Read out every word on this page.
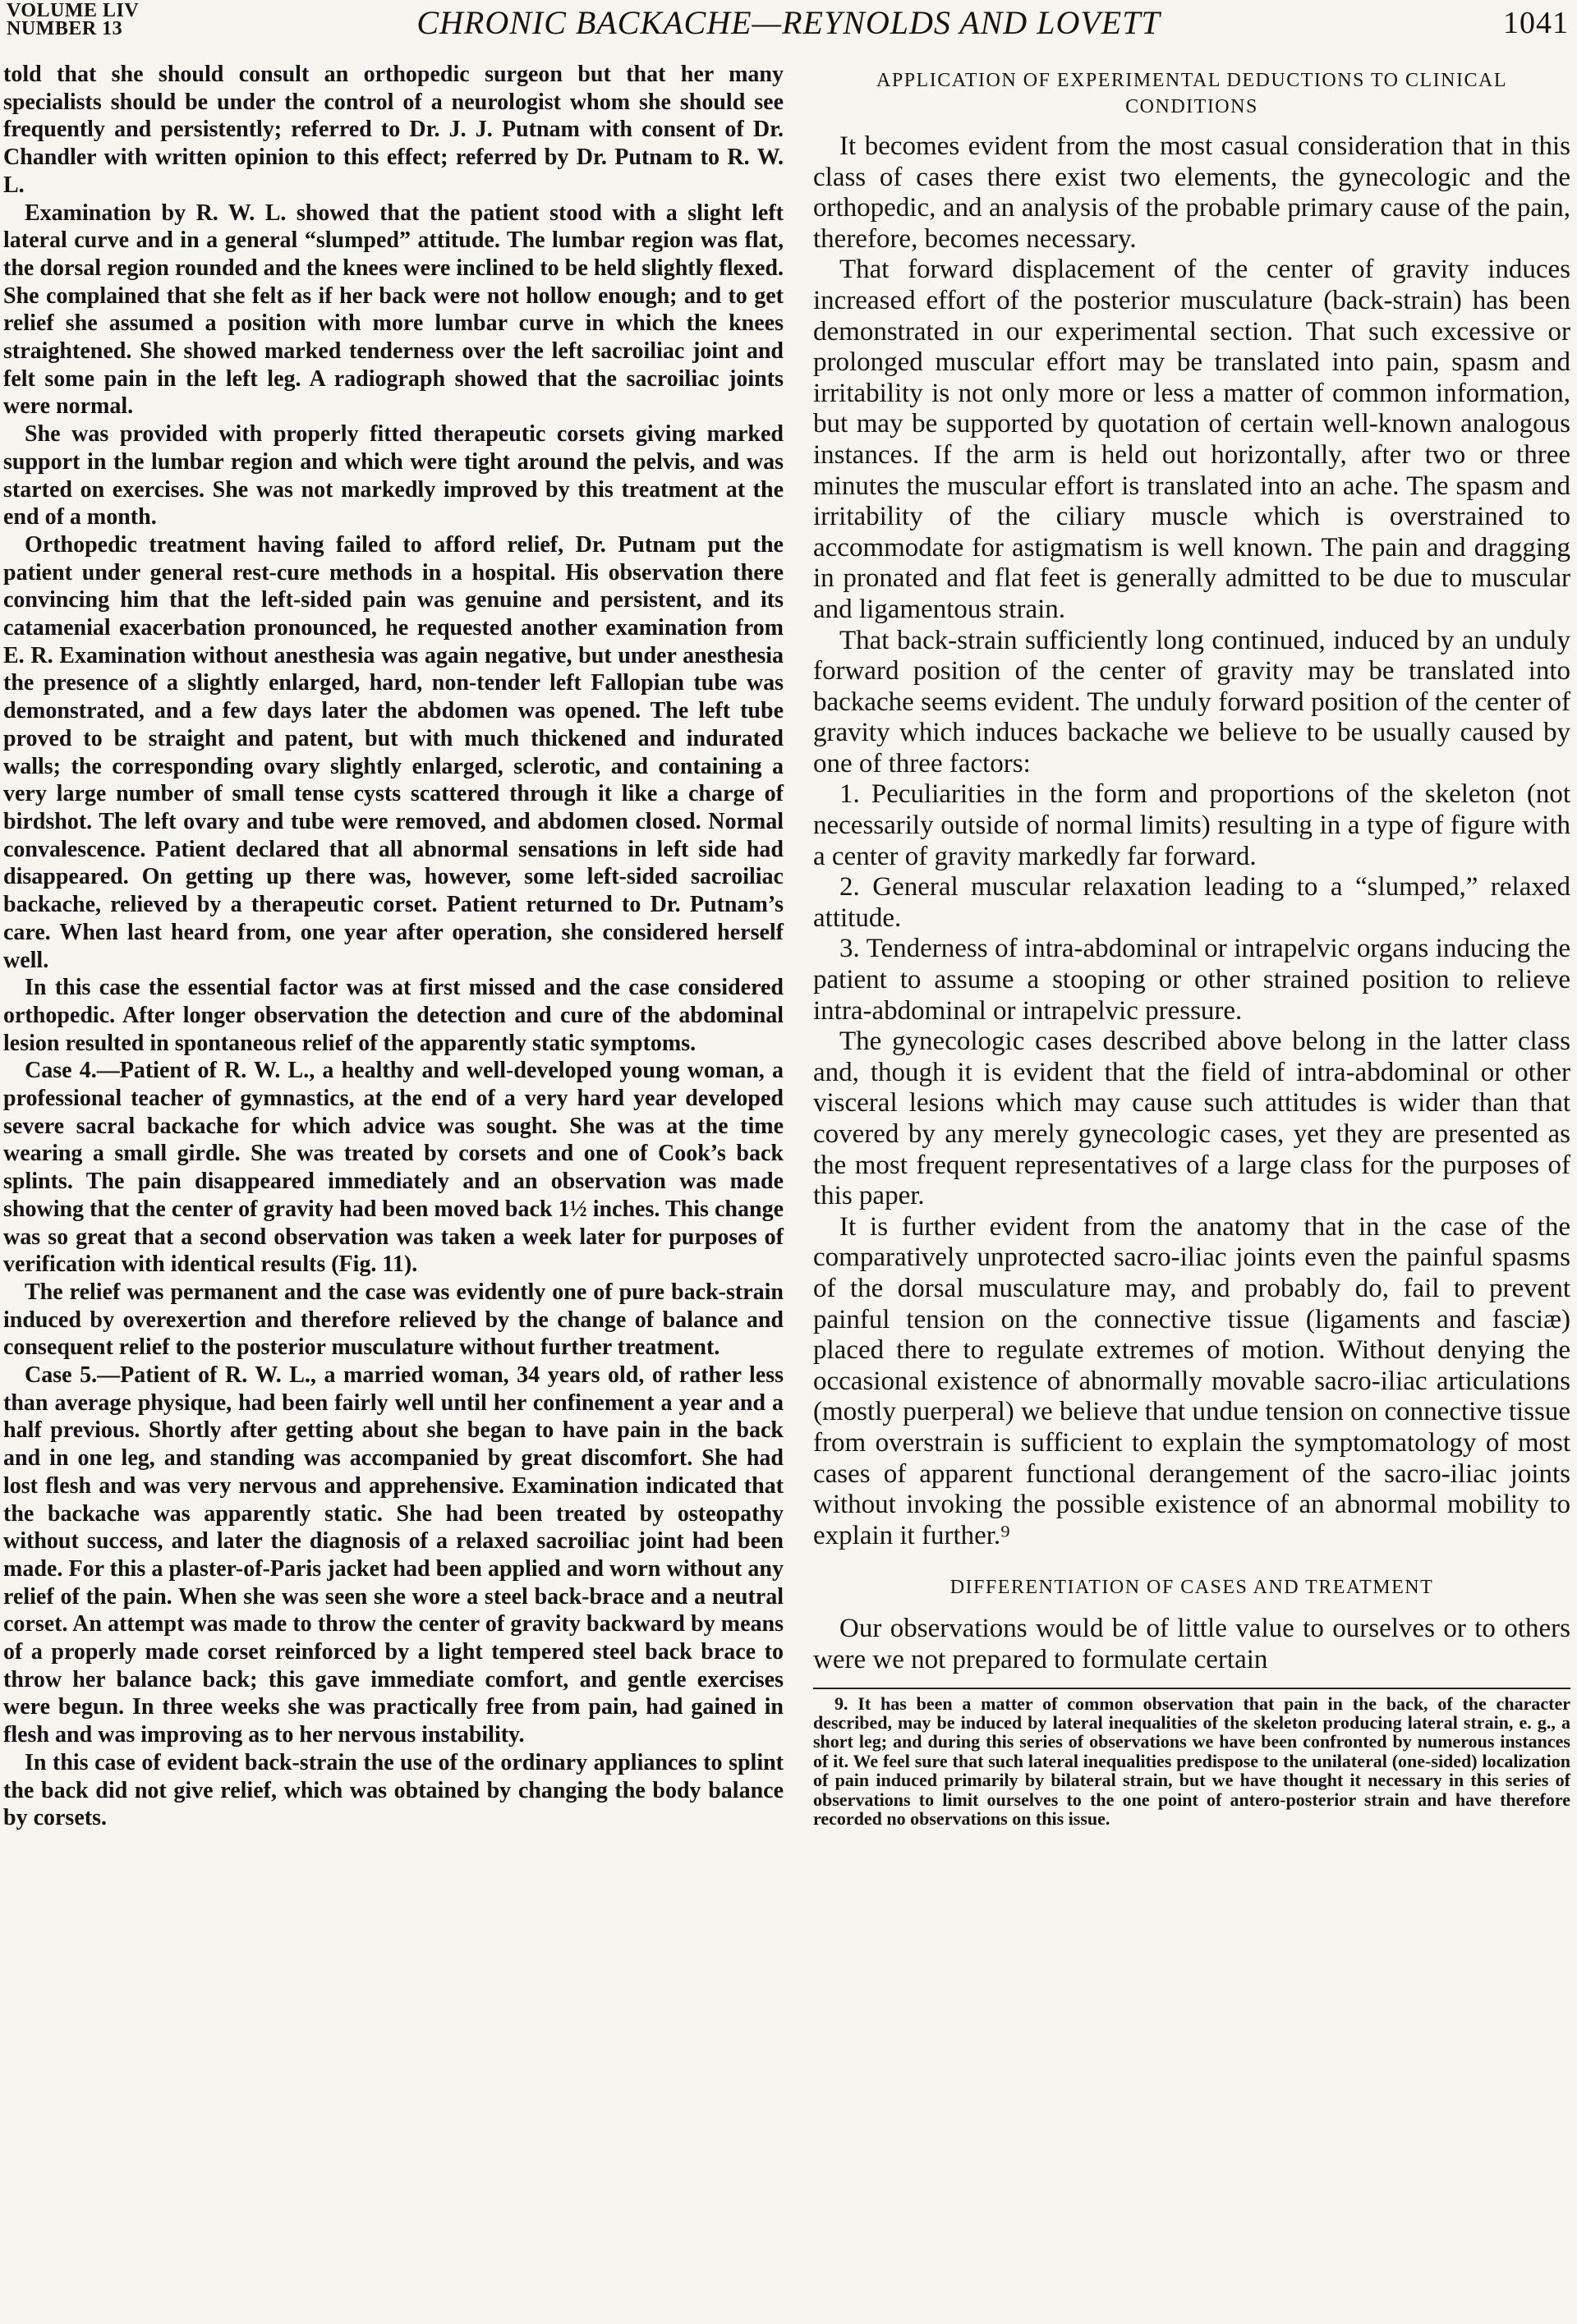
VOLUME LIV
NUMBER 13	CHRONIC BACKACHE—REYNOLDS AND LOVETT	1041

told that she should consult an orthopedic surgeon but that her many specialists should be under the control of a neurologist whom she should see frequently and persistently; referred to Dr. J. J. Putnam with consent of Dr. Chandler with written opinion to this effect; referred by Dr. Putnam to R. W. L.

Examination by R. W. L. showed that the patient stood with a slight left lateral curve and in a general “slumped” attitude. The lumbar region was flat, the dorsal region rounded and the knees were inclined to be held slightly flexed. She complained that she felt as if her back were not hollow enough; and to get relief she assumed a position with more lumbar curve in which the knees straightened. She showed marked tenderness over the left sacroiliac joint and felt some pain in the left leg. A radiograph showed that the sacroiliac joints were normal.

She was provided with properly fitted therapeutic corsets giving marked support in the lumbar region and which were tight around the pelvis, and was started on exercises. She was not markedly improved by this treatment at the end of a month.

Orthopedic treatment having failed to afford relief, Dr. Putnam put the patient under general rest-cure methods in a hospital. His observation there convincing him that the left-sided pain was genuine and persistent, and its catamenial exacerbation pronounced, he requested another examination from E. R. Examination without anesthesia was again negative, but under anesthesia the presence of a slightly enlarged, hard, non-tender left Fallopian tube was demonstrated, and a few days later the abdomen was opened. The left tube proved to be straight and patent, but with much thickened and indurated walls; the corresponding ovary slightly enlarged, sclerotic, and containing a very large number of small tense cysts scattered through it like a charge of birdshot. The left ovary and tube were removed, and abdomen closed. Normal convalescence. Patient declared that all abnormal sensations in left side had disappeared. On getting up there was, however, some left-sided sacroiliac backache, relieved by a therapeutic corset. Patient returned to Dr. Putnam’s care. When last heard from, one year after operation, she considered herself well.

In this case the essential factor was at first missed and the case considered orthopedic. After longer observation the detection and cure of the abdominal lesion resulted in spontaneous relief of the apparently static symptoms.

Case 4.—Patient of R. W. L., a healthy and well-developed young woman, a professional teacher of gymnastics, at the end of a very hard year developed severe sacral backache for which advice was sought. She was at the time wearing a small girdle. She was treated by corsets and one of Cook’s back splints. The pain disappeared immediately and an observation was made showing that the center of gravity had been moved back 1½ inches. This change was so great that a second observation was taken a week later for purposes of verification with identical results (Fig. 11).

The relief was permanent and the case was evidently one of pure back-strain induced by overexertion and therefore relieved by the change of balance and consequent relief to the posterior musculature without further treatment.

Case 5.—Patient of R. W. L., a married woman, 34 years old, of rather less than average physique, had been fairly well until her confinement a year and a half previous. Shortly after getting about she began to have pain in the back and in one leg, and standing was accompanied by great discomfort. She had lost flesh and was very nervous and apprehensive. Examination indicated that the backache was apparently static. She had been treated by osteopathy without success, and later the diagnosis of a relaxed sacroiliac joint had been made. For this a plaster-of-Paris jacket had been applied and worn without any relief of the pain. When she was seen she wore a steel back-brace and a neutral corset. An attempt was made to throw the center of gravity backward by means of a properly made corset reinforced by a light tempered steel back brace to throw her balance back; this gave immediate comfort, and gentle exercises were begun. In three weeks she was practically free from pain, had gained in flesh and was improving as to her nervous instability.

In this case of evident back-strain the use of the ordinary appliances to splint the back did not give relief, which was obtained by changing the body balance by corsets.

APPLICATION OF EXPERIMENTAL DEDUCTIONS TO CLINICAL CONDITIONS

It becomes evident from the most casual consideration that in this class of cases there exist two elements, the gynecologic and the orthopedic, and an analysis of the probable primary cause of the pain, therefore, becomes necessary.

That forward displacement of the center of gravity induces increased effort of the posterior musculature (back-strain) has been demonstrated in our experimental section. That such excessive or prolonged muscular effort may be translated into pain, spasm and irritability is not only more or less a matter of common information, but may be supported by quotation of certain well-known analogous instances. If the arm is held out horizontally, after two or three minutes the muscular effort is translated into an ache. The spasm and irritability of the ciliary muscle which is overstrained to accommodate for astigmatism is well known. The pain and dragging in pronated and flat feet is generally admitted to be due to muscular and ligamentous strain.

That back-strain sufficiently long continued, induced by an unduly forward position of the center of gravity may be translated into backache seems evident. The unduly forward position of the center of gravity which induces backache we believe to be usually caused by one of three factors:

1. Peculiarities in the form and proportions of the skeleton (not necessarily outside of normal limits) resulting in a type of figure with a center of gravity markedly far forward.

2. General muscular relaxation leading to a “slumped,” relaxed attitude.

3. Tenderness of intra-abdominal or intrapelvic organs inducing the patient to assume a stooping or other strained position to relieve intra-abdominal or intrapelvic pressure.

The gynecologic cases described above belong in the latter class and, though it is evident that the field of intra-abdominal or other visceral lesions which may cause such attitudes is wider than that covered by any merely gynecologic cases, yet they are presented as the most frequent representatives of a large class for the purposes of this paper.

It is further evident from the anatomy that in the case of the comparatively unprotected sacro-iliac joints even the painful spasms of the dorsal musculature may, and probably do, fail to prevent painful tension on the connective tissue (ligaments and fasciæ) placed there to regulate extremes of motion. Without denying the occasional existence of abnormally movable sacro-iliac articulations (mostly puerperal) we believe that undue tension on connective tissue from overstrain is sufficient to explain the symptomatology of most cases of apparent functional derangement of the sacro-iliac joints without invoking the possible existence of an abnormal mobility to explain it further.⁹

DIFFERENTIATION OF CASES AND TREATMENT

Our observations would be of little value to ourselves or to others were we not prepared to formulate certain

9. It has been a matter of common observation that pain in the back, of the character described, may be induced by lateral inequalities of the skeleton producing lateral strain, e. g., a short leg; and during this series of observations we have been confronted by numerous instances of it. We feel sure that such lateral inequalities predispose to the unilateral (one-sided) localization of pain induced primarily by bilateral strain, but we have thought it necessary in this series of observations to limit ourselves to the one point of antero-posterior strain and have therefore recorded no observations on this issue.
